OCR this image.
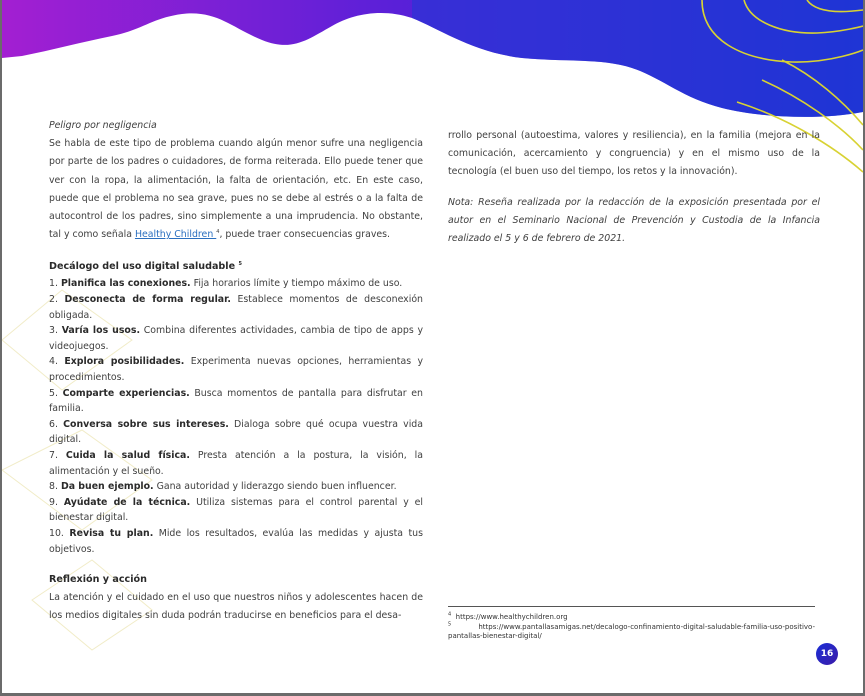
Peligro por negligencia

Se habla de este tipo de problema cuando algún menor sufre una negligencia por parte de los padres o cuidadores, de forma reiterada. Ello puede tener que ver con la ropa, la alimentación, la falta de orientación, etc. En este caso, puede que el problema no sea grave, pues no se debe al estrés o a la falta de autocontrol de los padres, sino simplemente a una imprudencia. No obstante, tal y como señala Healthy Children $^4$, puede traer consecuencias graves.

Decálogo del uso digital saludable $^5$
1. Planifica las conexiones. Fija horarios límite y tiempo máximo de uso.
2. Desconecta de forma regular. Establece momentos de desconexión obligada.
3. Varía los usos. Combina diferentes actividades, cambia de tipo de apps y videojuegos.
4. Explora posibilidades. Experimenta nuevas opciones, herramientas y procedimientos.
5. Comparte experiencias. Busca momentos de pantalla para disfrutar en familia.
6. Conversa sobre sus intereses. Dialoga sobre qué ocupa vuestra vida digital.
7. Cuida la salud física. Presta atención a la postura, la visión, la alimentación y el sueño.
8. Da buen ejemplo. Gana autoridad y liderazgo siendo buen influencer.
9. Ayúdate de la técnica. Utiliza sistemas para el control parental y el bienestar digital.
10. Revisa tu plan. Mide los resultados, evalúa las medidas y ajusta tus objetivos.
Reflexión y acción

La atención y el cuidado en el uso que nuestros niños y adolescentes hacen de los medios digitales sin duda podrán traducirse en beneficios para el desa-

rrollo personal (autoestima, valores y resiliencia), en la familia (mejora en la comunicación, acercamiento y congruencia) y en el mismo uso de la tecnología (el buen uso del tiempo, los retos y la innovación).

Nota: Reseña realizada por la redacción de la exposición presentada por el autor en el Seminario Nacional de Prevención y Custodia de la Infancia realizado el 5 y 6 de febrero de 2021.

$^4$ https://www.healthychildren.org

$^5$	https://www.pantallasamigas.net/decalogo-confinamiento-digital-saludable-familia-uso-positivo-pantallas-bienestar-digital/

16
